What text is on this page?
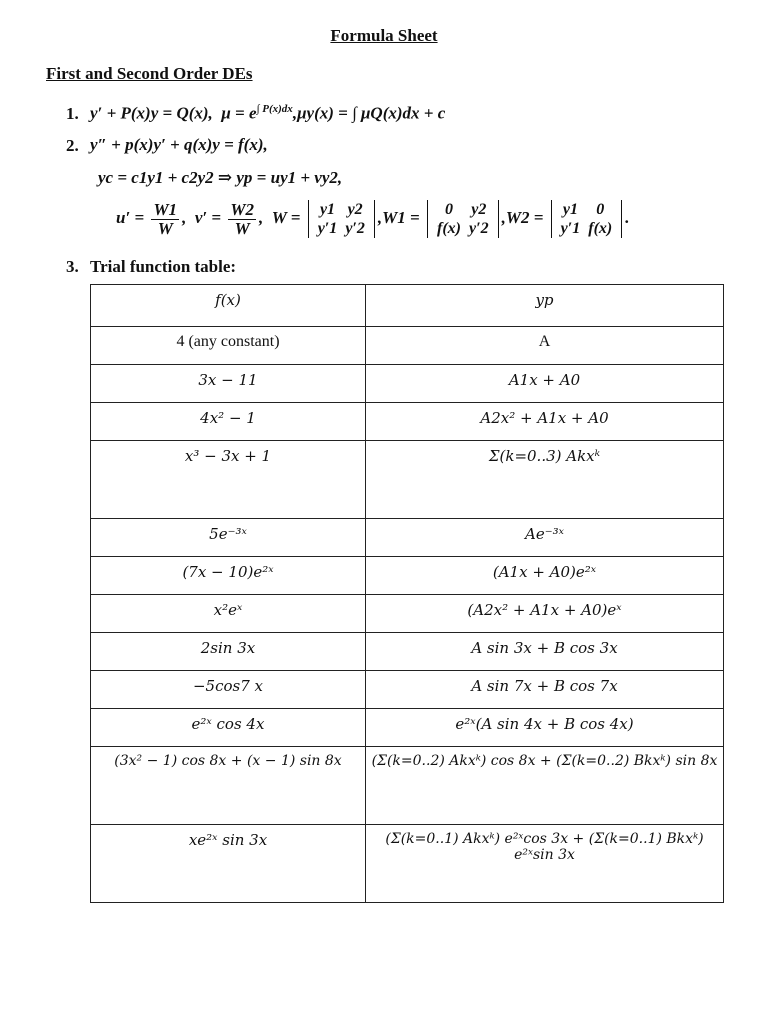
Formula Sheet
First and Second Order DEs
1. y′ + P(x)y = Q(x), $\mu = e^{\int P(x)dx},\mu y(x)$ = ∫ μQ(x)dx + c
2. y″ + p(x)y′ + q(x)y = f(x),
yc = c1y1 + c2y2 ⇒ yp = uy1 + vy2,
$u' = \frac{W1}{W}$ ,  $v' = \frac{W2}{W}$ ,  W = y1	y2
y′1	y′2
,W1 = 0	y2
f(x)	y′2
,W2 = y1	0
y′1	f(x)
.
3. Trial function table:
f(x)	yp
4 (any constant)	A
3x − 11	A1x + A0
4x² − 1	A2x² + A1x + A0
x³ − 3x + 1	Σ(k=0..3) Akxᵏ
5e⁻³ˣ	Ae⁻³ˣ
(7x − 10)e²ˣ	(A1x + A0)e²ˣ
x²eˣ	(A2x² + A1x + A0)eˣ
2sin 3x	A sin 3x + B cos 3x
−5cos7 x	A sin 7x + B cos 7x
e²ˣ cos 4x	e²ˣ(A sin 4x + B cos 4x)
(3x² − 1) cos 8x + (x − 1) sin 8x	(Σ(k=0..2) Akxᵏ) cos 8x + (Σ(k=0..2) Bkxᵏ) sin 8x
xe²ˣ sin 3x	(Σ(k=0..1) Akxᵏ) e²ˣcos 3x + (Σ(k=0..1) Bkxᵏ) e²ˣsin 3x
